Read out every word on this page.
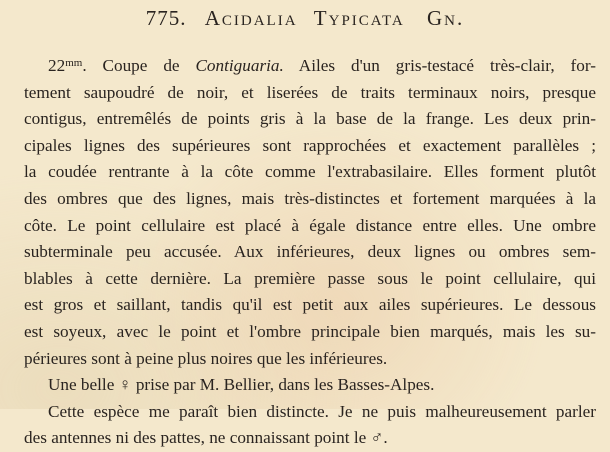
775. Acidalia Typicata Gn.

$22^{mm}$. Coupe de Contiguaria. Ailes d'un gris-testacé très-clair, for-

tement saupoudré de noir, et liserées de traits terminaux noirs, presque

contigus, entremêlés de points gris à la base de la frange. Les deux prin-

cipales lignes des supérieures sont rapprochées et exactement parallèles ;

la coudée rentrante à la côte comme l'extrabasilaire. Elles forment plutôt

des ombres que des lignes, mais très-distinctes et fortement marquées à la

côte. Le point cellulaire est placé à égale distance entre elles. Une ombre

subterminale peu accusée. Aux inférieures, deux lignes ou ombres sem-

blables à cette dernière. La première passe sous le point cellulaire, qui

est gros et saillant, tandis qu'il est petit aux ailes supérieures. Le dessous

est soyeux, avec le point et l'ombre principale bien marqués, mais les su-

périeures sont à peine plus noires que les inférieures.

Une belle ♀ prise par M. Bellier, dans les Basses-Alpes.

Cette espèce me paraît bien distincte. Je ne puis malheureusement parler

des antennes ni des pattes, ne connaissant point le ♂.
